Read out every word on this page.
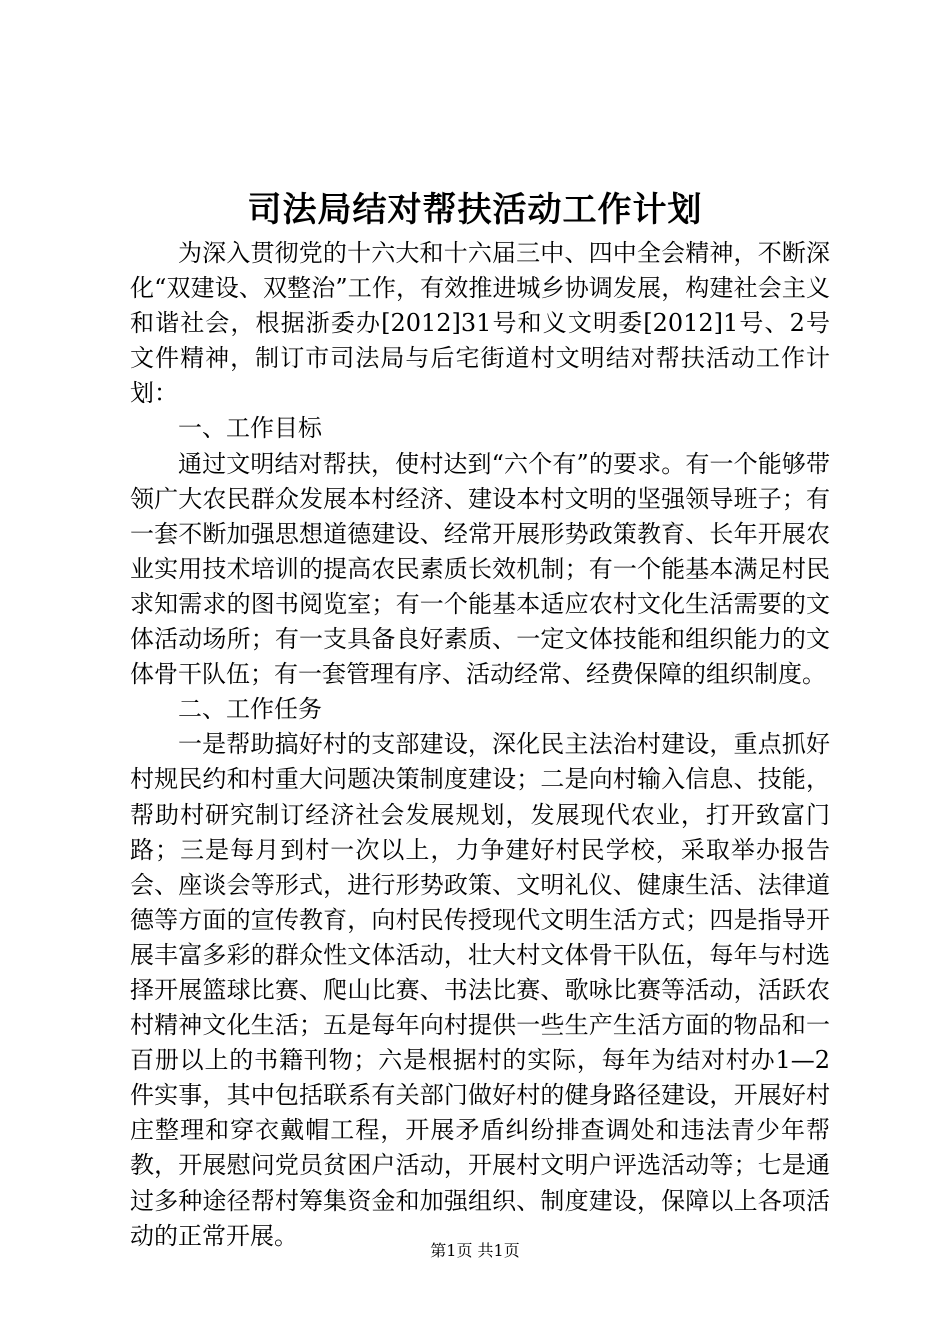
司法局结对帮扶活动工作计划

为深入贯彻党的十六大和十六届三中、四中全会精神，不断深化“双建设、双整治”工作，有效推进城乡协调发展，构建社会主义和谐社会，根据浙委办[2012]31号和义文明委[2012]1号、2号文件精神，制订市司法局与后宅街道村文明结对帮扶活动工作计划：

一、工作目标

通过文明结对帮扶，使村达到“六个有”的要求。有一个能够带领广大农民群众发展本村经济、建设本村文明的坚强领导班子；有一套不断加强思想道德建设、经常开展形势政策教育、长年开展农业实用技术培训的提高农民素质长效机制；有一个能基本满足村民求知需求的图书阅览室；有一个能基本适应农村文化生活需要的文体活动场所；有一支具备良好素质、一定文体技能和组织能力的文体骨干队伍；有一套管理有序、活动经常、经费保障的组织制度。

二、工作任务

一是帮助搞好村的支部建设，深化民主法治村建设，重点抓好村规民约和村重大问题决策制度建设；二是向村输入信息、技能，帮助村研究制订经济社会发展规划，发展现代农业，打开致富门路；三是每月到村一次以上，力争建好村民学校，采取举办报告会、座谈会等形式，进行形势政策、文明礼仪、健康生活、法律道德等方面的宣传教育，向村民传授现代文明生活方式；四是指导开展丰富多彩的群众性文体活动，壮大村文体骨干队伍，每年与村选择开展篮球比赛、爬山比赛、书法比赛、歌咏比赛等活动，活跃农村精神文化生活；五是每年向村提供一些生产生活方面的物品和一百册以上的书籍刊物；六是根据村的实际，每年为结对村办1—2件实事，其中包括联系有关部门做好村的健身路径建设，开展好村庄整理和穿衣戴帽工程，开展矛盾纠纷排查调处和违法青少年帮教，开展慰问党员贫困户活动，开展村文明户评选活动等；七是通过多种途径帮村筹集资金和加强组织、制度建设，保障以上各项活动的正常开展。

第1页 共1页
